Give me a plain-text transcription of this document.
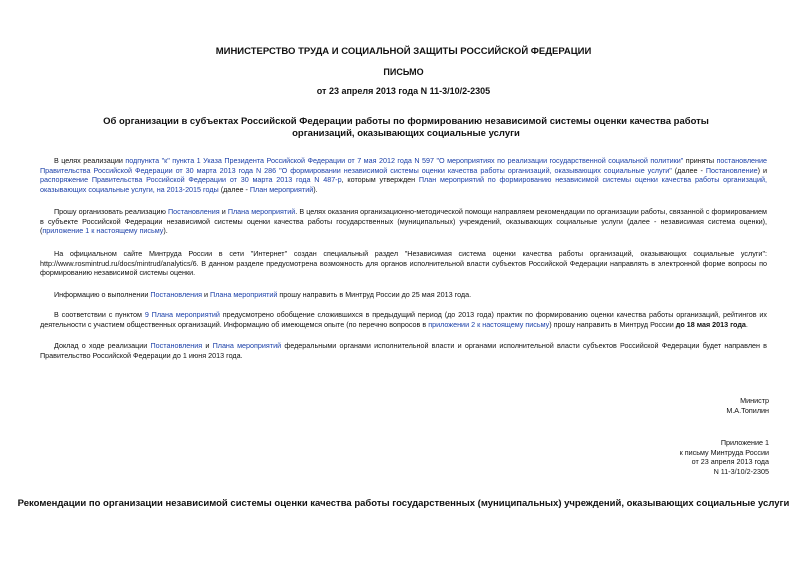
МИНИСТЕРСТВО ТРУДА И СОЦИАЛЬНОЙ ЗАЩИТЫ РОССИЙСКОЙ ФЕДЕРАЦИИ
ПИСЬМО
от 23 апреля 2013 года N 11-3/10/2-2305
Об организации в субъектах Российской Федерации работы по формированию независимой системы оценки качества работы организаций, оказывающих социальные услуги

В целях реализации подпункта "к" пункта 1 Указа Президента Российской Федерации от 7 мая 2012 года N 597 "О мероприятиях по реализации государственной социальной политики" приняты постановление Правительства Российской Федерации от 30 марта 2013 года N 286 "О формировании независимой системы оценки качества работы организаций, оказывающих социальные услуги" (далее - Постановление) и распоряжение Правительства Российской Федерации от 30 марта 2013 года N 487-р, которым утвержден План мероприятий по формированию независимой системы оценки качества работы организаций, оказывающих социальные услуги, на 2013-2015 годы (далее - План мероприятий).

Прошу организовать реализацию Постановления и Плана мероприятий. В целях оказания организационно-методической помощи направляем рекомендации по организации работы, связанной с формированием в субъекте Российской Федерации независимой системы оценки качества работы государственных (муниципальных) учреждений, оказывающих социальные услуги (далее - независимая система оценки), (приложение 1 к настоящему письму).

На официальном сайте Минтруда России в сети "Интернет" создан специальный раздел "Независимая система оценки качества работы организаций, оказывающих социальные услуги": http://www.rosmintrud.ru/docs/mintrud/analytics/6. В данном разделе предусмотрена возможность для органов исполнительной власти субъектов Российской Федерации направлять в электронной форме вопросы по формированию независимой системы оценки.

Информацию о выполнении Постановления и Плана мероприятий прошу направить в Минтруд России до 25 мая 2013 года.

В соответствии с пунктом 9 Плана мероприятий предусмотрено обобщение сложившихся в предыдущий период (до 2013 года) практик по формированию оценки качества работы организаций, рейтингов их деятельности с участием общественных организаций. Информацию об имеющемся опыте (по перечню вопросов в приложении 2 к настоящему письму) прошу направить в Минтруд России до 18 мая 2013 года.

Доклад о ходе реализации Постановления и Плана мероприятий федеральными органами исполнительной власти и органами исполнительной власти субъектов Российской Федерации будет направлен в Правительство Российской Федерации до 1 июня 2013 года.

Министр
М.А.Топилин
Приложение 1
к письму Минтруда России
от 23 апреля 2013 года
N 11-3/10/2-2305
Рекомендации по организации независимой системы оценки качества работы государственных (муниципальных) учреждений, оказывающих социальные услуги
